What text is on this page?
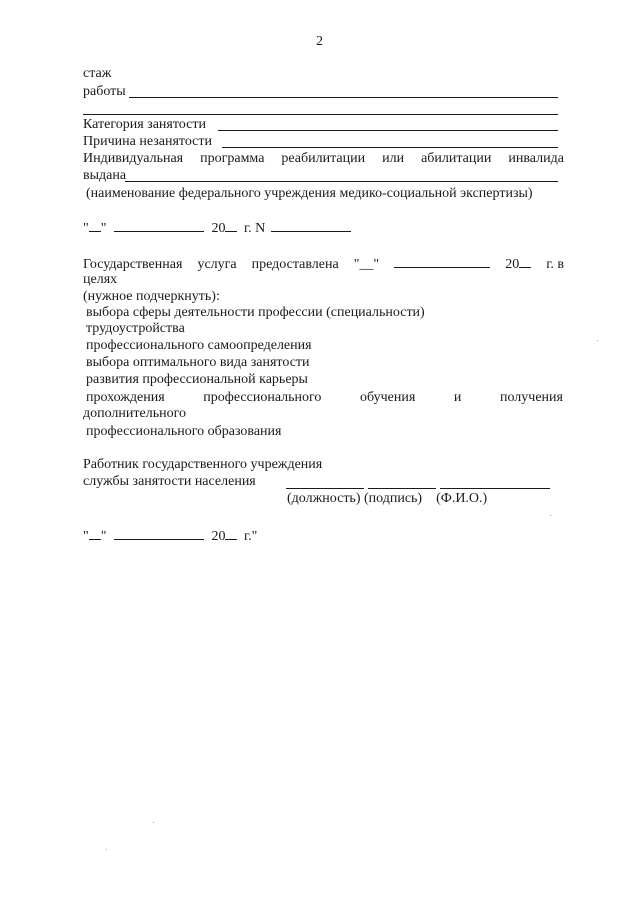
2
стаж
работы
Категория занятости
Причина незанятости
Индивидуальная программа реабилитации или абилитации инвалида
выдана
(наименование федерального учреждения медико-социальной экспертизы)
" "	20 г. N
Государственная услуга предоставлена "__"	20 г. в
целях
(нужное подчеркнуть):
выбора сферы деятельности профессии (специальности)
трудоустройства
профессионального самоопределения
выбора оптимального вида занятости
развития профессиональной карьеры
прохождения	профессионального	обучения	и	получения
дополнительного
профессионального образования
Работник государственного учреждения
службы занятости населения
(должность) (подпись)    (Ф.И.О.)
" "	20 г."
